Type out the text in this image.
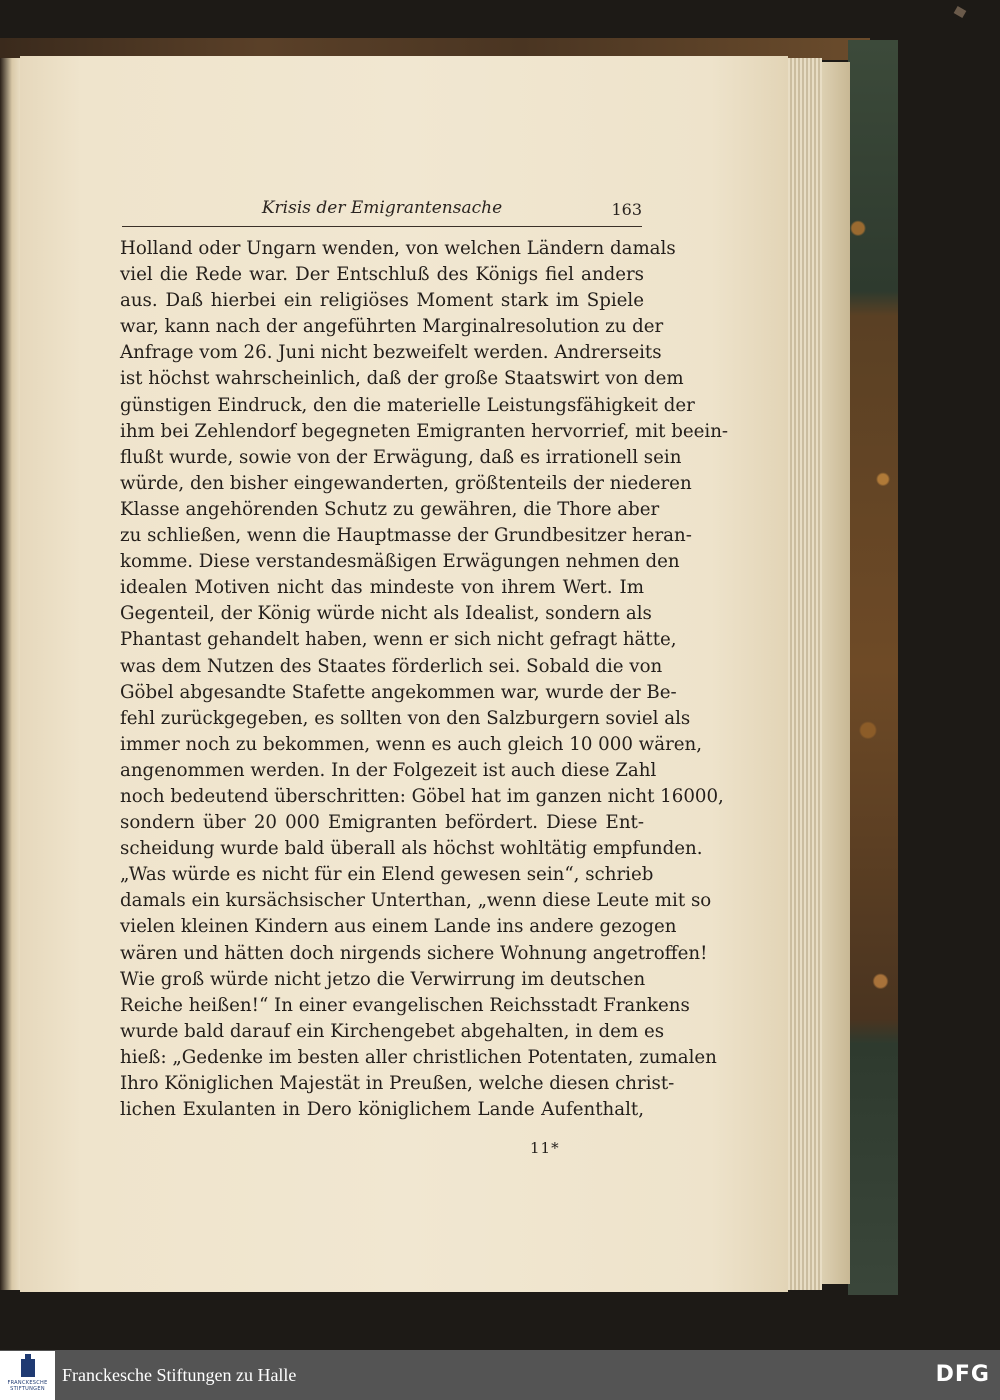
Krisis der Emigrantensache	163
Holland oder Ungarn wenden, von welchen Ländern damals
viel die Rede war. Der Entschluß des Königs fiel anders
aus. Daß hierbei ein religiöses Moment stark im Spiele
war, kann nach der angeführten Marginalresolution zu der
Anfrage vom 26. Juni nicht bezweifelt werden. Andrerseits
ist höchst wahrscheinlich, daß der große Staatswirt von dem
günstigen Eindruck, den die materielle Leistungsfähigkeit der
ihm bei Zehlendorf begegneten Emigranten hervorrief, mit beein-
flußt wurde, sowie von der Erwägung, daß es irrationell sein
würde, den bisher eingewanderten, größtenteils der niederen
Klasse angehörenden Schutz zu gewähren, die Thore aber
zu schließen, wenn die Hauptmasse der Grundbesitzer heran-
komme. Diese verstandesmäßigen Erwägungen nehmen den
idealen Motiven nicht das mindeste von ihrem Wert. Im
Gegenteil, der König würde nicht als Idealist, sondern als
Phantast gehandelt haben, wenn er sich nicht gefragt hätte,
was dem Nutzen des Staates förderlich sei. Sobald die von
Göbel abgesandte Stafette angekommen war, wurde der Be-
fehl zurückgegeben, es sollten von den Salzburgern soviel als
immer noch zu bekommen, wenn es auch gleich 10 000 wären,
angenommen werden. In der Folgezeit ist auch diese Zahl
noch bedeutend überschritten: Göbel hat im ganzen nicht 16000,
sondern über 20 000 Emigranten befördert. Diese Ent-
scheidung wurde bald überall als höchst wohltätig empfunden.
„Was würde es nicht für ein Elend gewesen sein“, schrieb
damals ein kursächsischer Unterthan, „wenn diese Leute mit so
vielen kleinen Kindern aus einem Lande ins andere gezogen
wären und hätten doch nirgends sichere Wohnung angetroffen!
Wie groß würde nicht jetzo die Verwirrung im deutschen
Reiche heißen!“ In einer evangelischen Reichsstadt Frankens
wurde bald darauf ein Kirchengebet abgehalten, in dem es
hieß: „Gedenke im besten aller christlichen Potentaten, zumalen
Ihro Königlichen Majestät in Preußen, welche diesen christ-
lichen Exulanten in Dero königlichem Lande Aufenthalt,
11*
FRANCKESCHE
STIFTUNGEN
Franckesche Stiftungen zu Halle	DFG
